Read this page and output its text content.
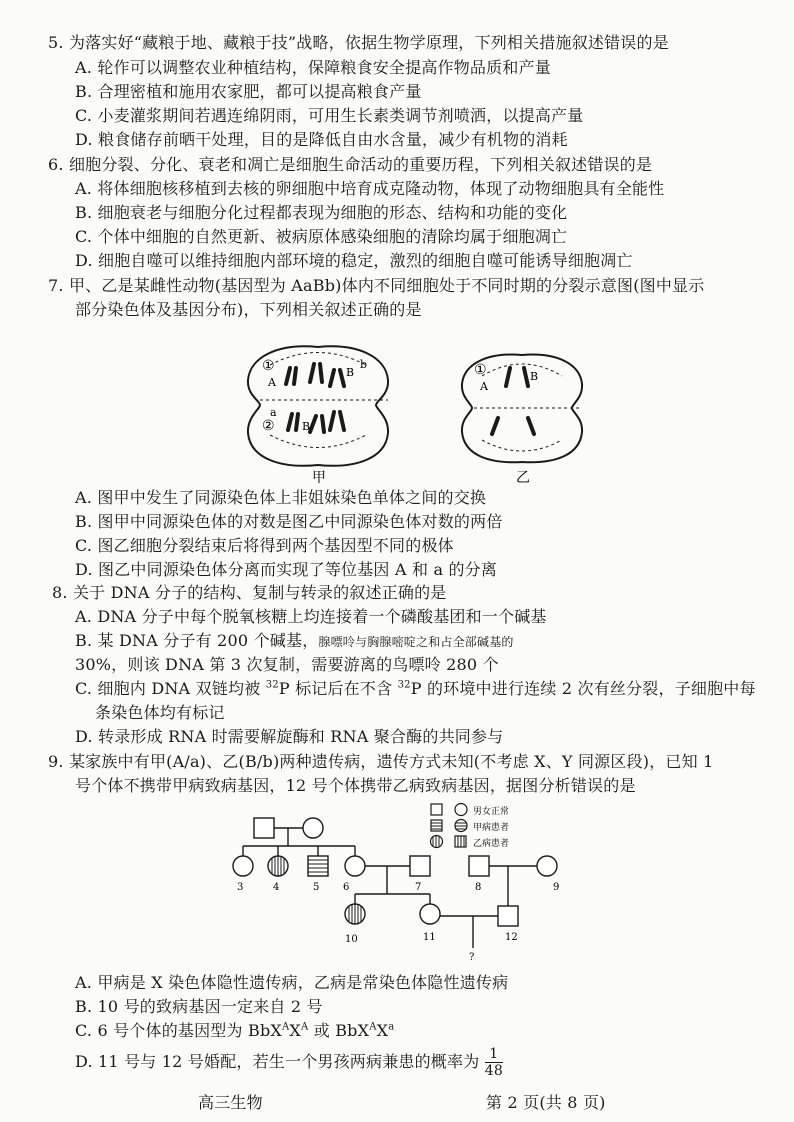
5. 为落实好“藏粮于地、藏粮于技”战略，依据生物学原理，下列相关措施叙述错误的是
A. 轮作可以调整农业种植结构，保障粮食安全提高作物品质和产量
B. 合理密植和施用农家肥，都可以提高粮食产量
C. 小麦灌浆期间若遇连绵阴雨，可用生长素类调节剂喷洒，以提高产量
D. 粮食储存前晒干处理，目的是降低自由水含量，减少有机物的消耗
6. 细胞分裂、分化、衰老和凋亡是细胞生命活动的重要历程，下列相关叙述错误的是
A. 将体细胞核移植到去核的卵细胞中培育成克隆动物，体现了动物细胞具有全能性
B. 细胞衰老与细胞分化过程都表现为细胞的形态、结构和功能的变化
C. 个体中细胞的自然更新、被病原体感染细胞的清除均属于细胞凋亡
D. 细胞自噬可以维持细胞内部环境的稳定，激烈的细胞自噬可能诱导细胞凋亡
7. 甲、乙是某雌性动物(基因型为 AaBb)体内不同细胞处于不同时期的分裂示意图(图中显示
部分染色体及基因分布)，下列相关叙述正确的是
①
A
B
b
a
② B
①
A
B
甲	乙
A. 图甲中发生了同源染色体上非姐妹染色单体之间的交换
B. 图甲中同源染色体的对数是图乙中同源染色体对数的两倍
C. 图乙细胞分裂结束后将得到两个基因型不同的极体
D. 图乙中同源染色体分离而实现了等位基因 A 和 a 的分离
8. 关于 DNA 分子的结构、复制与转录的叙述正确的是
A. DNA 分子中每个脱氧核糖上均连接着一个磷酸基团和一个碱基
B. 某 DNA 分子有 200 个碱基，腺嘌呤与胸腺嘧啶之和占全部碱基的
30%，则该 DNA 第 3 次复制，需要游离的鸟嘌呤 280 个
C. 细胞内 DNA 双链均被 $^{32}$P 标记后在不含 $^{32}$P 的环境中进行连续 2 次有丝分裂，子细胞中每
条染色体均有标记
D. 转录形成 RNA 时需要解旋酶和 RNA 聚合酶的共同参与
9. 某家族中有甲(A/a)、乙(B/b)两种遗传病，遗传方式未知(不考虑 X、Y 同源区段)，已知 1
号个体不携带甲病致病基因，12 号个体携带乙病致病基因，据图分析错误的是
男女正常
甲病患者
乙病患者
3	4	5 6	7	8	9
10	11	12
?
A. 甲病是 X 染色体隐性遗传病，乙病是常染色体隐性遗传病
B. 10 号的致病基因一定来自 2 号
C. 6 号个体的基因型为 $BbX^AX^A$ 或 $BbX^AX^a$
D. 11 号与 12 号婚配，若生一个男孩两病兼患的概率为 $\frac{1}{48}$
高三生物	第 2 页(共 8 页)
